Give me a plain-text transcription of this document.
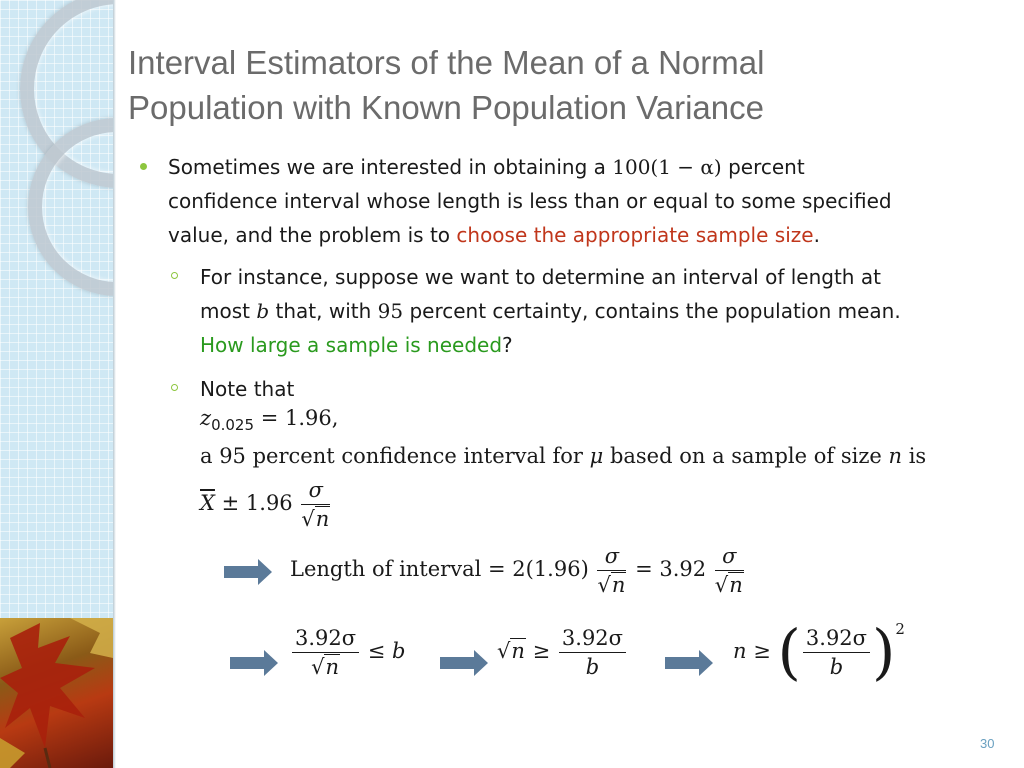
Interval Estimators of the Mean of a Normal
Population with Known Population Variance
Sometimes we are interested in obtaining a 100(1 − α) percent
confidence interval whose length is less than or equal to some specified
value, and the problem is to choose the appropriate sample size.
For instance, suppose we want to determine an interval of length at
most b that, with 95 percent certainty, contains the population mean.
How large a sample is needed?
Note that
$z_{0.025} = 1.96$,
a 95 percent confidence interval for μ based on a sample of size n is
$\overline{X} \pm 1.96 \frac{\sigma}{√n}$
Length of interval = $2(1.96) \frac{\sigma}{√n} = 3.92 \frac{\sigma}{√n}$
$\frac{3.92\sigma}{√n} \le b$	$√n \ge \frac{3.92\sigma}{b}$	n ≥ ( $\frac{3.92\sigma}{b} )^2$
30
